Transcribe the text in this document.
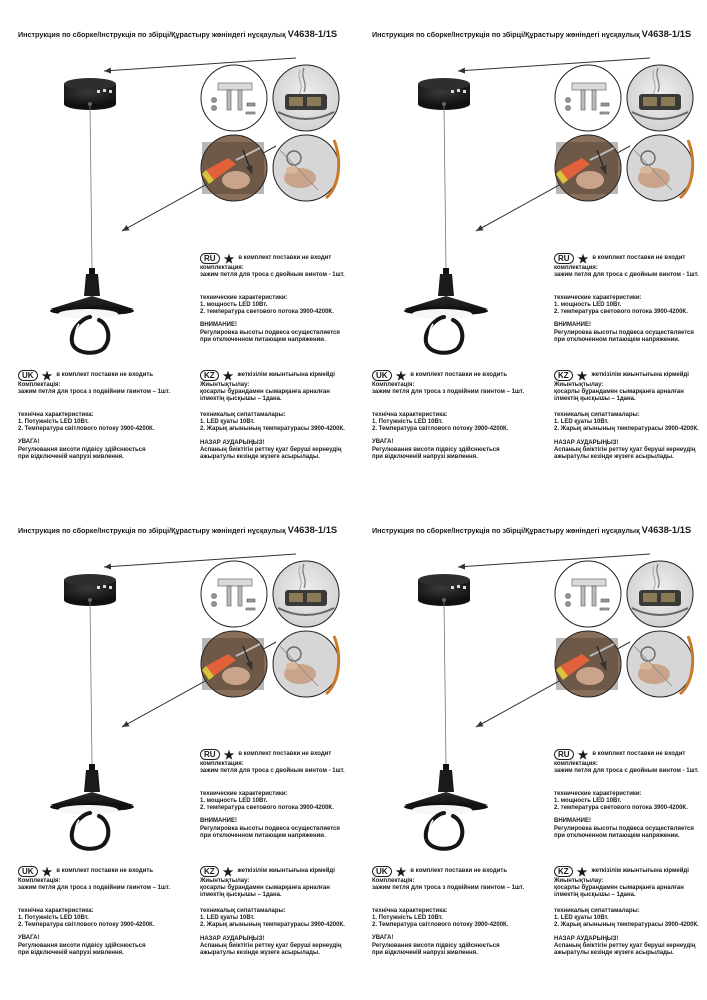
Инструкция по сборке/Інструкція по збірці/Құрастыру жөніндегі нұсқаулық V4638-1/1S
RU ★ в комплект поставки не входит

комплектация:

зажим петля для троса с двойным винтом - 1шт.

технические характеристики:

1. мощность LED 10Вт.

2. температура светового потока 3900-4200К.

ВНИМАНИЕ!

Регулировка высоты подвеса осуществляется

при отключенном питающем напряжении.

UK ★ в комплект поставки не входить

Комплектація:

зажим петля для троса з подвійним гвинтом – 1шт.

технічна характеристика:

1. Потужність LED 10Вт.

2. Температура світлового потоку 3900-4200К.

УВАГА!

Регулювання висоти підвісу здійснюється

при відключеній напрузі живлення.

KZ ★ жеткізілім жиынтығына кірмейді

Жиынтықтылау:

қосарлы бұрандамен сымарқанға арналған

ілмектің қысқышы – 1дана.

техникалық сипаттамалары:

1. LED қуаты 10Вт.

2. Жарық ағынының температурасы 3900-4200К.

НАЗАР АУДАРЫҢЫЗ!

Аспаның биіктігін реттеу қуат беруші кернеудің

ажыратулы кезінде жүзеге асырылады.

Инструкция по сборке/Інструкція по збірці/Құрастыру жөніндегі нұсқаулық V4638-1/1S
RU ★ в комплект поставки не входит

комплектация:

зажим петля для троса с двойным винтом - 1шт.

технические характеристики:

1. мощность LED 10Вт.

2. температура светового потока 3900-4200К.

ВНИМАНИЕ!

Регулировка высоты подвеса осуществляется

при отключенном питающем напряжении.

UK ★ в комплект поставки не входить

Комплектація:

зажим петля для троса з подвійним гвинтом – 1шт.

технічна характеристика:

1. Потужність LED 10Вт.

2. Температура світлового потоку 3900-4200К.

УВАГА!

Регулювання висоти підвісу здійснюється

при відключеній напрузі живлення.

KZ ★ жеткізілім жиынтығына кірмейді

Жиынтықтылау:

қосарлы бұрандамен сымарқанға арналған

ілмектің қысқышы – 1дана.

техникалық сипаттамалары:

1. LED қуаты 10Вт.

2. Жарық ағынының температурасы 3900-4200К.

НАЗАР АУДАРЫҢЫЗ!

Аспаның биіктігін реттеу қуат беруші кернеудің

ажыратулы кезінде жүзеге асырылады.

Инструкция по сборке/Інструкція по збірці/Құрастыру жөніндегі нұсқаулық V4638-1/1S
RU ★ в комплект поставки не входит

комплектация:

зажим петля для троса с двойным винтом - 1шт.

технические характеристики:

1. мощность LED 10Вт.

2. температура светового потока 3900-4200К.

ВНИМАНИЕ!

Регулировка высоты подвеса осуществляется

при отключенном питающем напряжении.

UK ★ в комплект поставки не входить

Комплектація:

зажим петля для троса з подвійним гвинтом – 1шт.

технічна характеристика:

1. Потужність LED 10Вт.

2. Температура світлового потоку 3900-4200К.

УВАГА!

Регулювання висоти підвісу здійснюється

при відключеній напрузі живлення.

KZ ★ жеткізілім жиынтығына кірмейді

Жиынтықтылау:

қосарлы бұрандамен сымарқанға арналған

ілмектің қысқышы – 1дана.

техникалық сипаттамалары:

1. LED қуаты 10Вт.

2. Жарық ағынының температурасы 3900-4200К.

НАЗАР АУДАРЫҢЫЗ!

Аспаның биіктігін реттеу қуат беруші кернеудің

ажыратулы кезінде жүзеге асырылады.

Инструкция по сборке/Інструкція по збірці/Құрастыру жөніндегі нұсқаулық V4638-1/1S
RU ★ в комплект поставки не входит

комплектация:

зажим петля для троса с двойным винтом - 1шт.

технические характеристики:

1. мощность LED 10Вт.

2. температура светового потока 3900-4200К.

ВНИМАНИЕ!

Регулировка высоты подвеса осуществляется

при отключенном питающем напряжении.

UK ★ в комплект поставки не входить

Комплектація:

зажим петля для троса з подвійним гвинтом – 1шт.

технічна характеристика:

1. Потужність LED 10Вт.

2. Температура світлового потоку 3900-4200К.

УВАГА!

Регулювання висоти підвісу здійснюється

при відключеній напрузі живлення.

KZ ★ жеткізілім жиынтығына кірмейді

Жиынтықтылау:

қосарлы бұрандамен сымарқанға арналған

ілмектің қысқышы – 1дана.

техникалық сипаттамалары:

1. LED қуаты 10Вт.

2. Жарық ағынының температурасы 3900-4200К.

НАЗАР АУДАРЫҢЫЗ!

Аспаның биіктігін реттеу қуат беруші кернеудің

ажыратулы кезінде жүзеге асырылады.
